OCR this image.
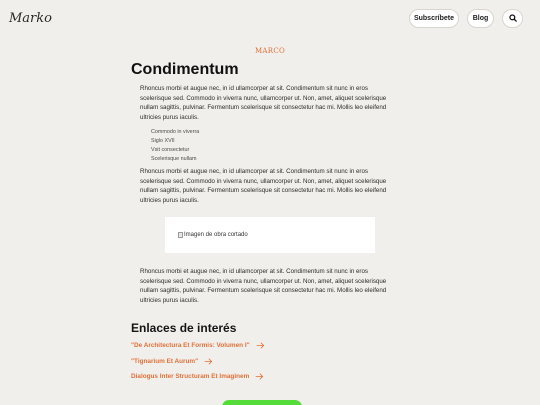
Marko	Subscríbete	Blog
MARCO
Condimentum

Rhoncus morbi et augue nec, in id ullamcorper at sit. Condimentum sit nunc in eros scelerisque sed. Commodo in viverra nunc, ullamcorper ut. Non, amet, aliquet scelerisque nullam sagittis, pulvinar. Fermentum scelerisque sit consectetur hac mi. Mollis leo eleifend ultricies purus iaculis.

Commodo in viverra
Siglo XVII
Vsit consectetur
Scelerisque nullam

Rhoncus morbi et augue nec, in id ullamcorper at sit. Condimentum sit nunc in eros scelerisque sed. Commodo in viverra nunc, ullamcorper ut. Non, amet, aliquet scelerisque nullam sagittis, pulvinar. Fermentum scelerisque sit consectetur hac mi. Mollis leo eleifend ultricies purus iaculis.

Imagen de obra cortado

Rhoncus morbi et augue nec, in id ullamcorper at sit. Condimentum sit nunc in eros scelerisque sed. Commodo in viverra nunc, ullamcorper ut. Non, amet, aliquet scelerisque nullam sagittis, pulvinar. Fermentum scelerisque sit consectetur hac mi. Mollis leo eleifend ultricies purus iaculis.

Enlaces de interés
"De Architectura Et Formis: Volumen I"
"Tignarium Et Aurum"
Dialogus Inter Structuram Et Imaginem
